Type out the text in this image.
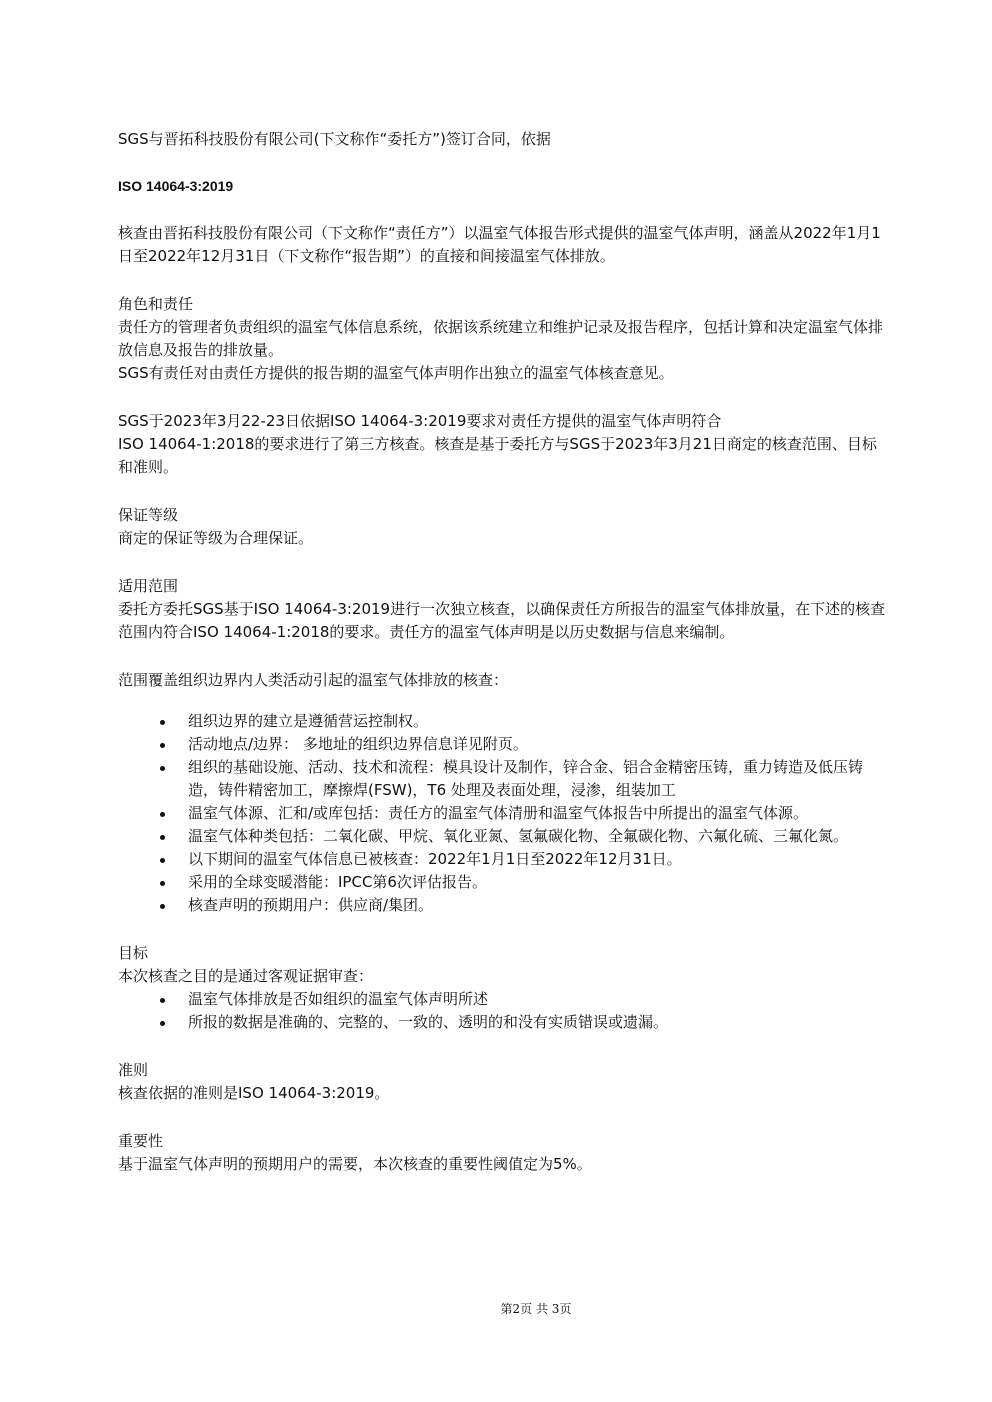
SGS与晋拓科技股份有限公司(下文称作“委托方”)签订合同，依据

ISO 14064-3:2019

核查由晋拓科技股份有限公司（下文称作“责任方”）以温室气体报告形式提供的温室气体声明，涵盖从2022年1月1日至2022年12月31日（下文称作“报告期”）的直接和间接温室气体排放。

角色和责任

责任方的管理者负责组织的温室气体信息系统，依据该系统建立和维护记录及报告程序，包括计算和决定温室气体排放信息及报告的排放量。

SGS有责任对由责任方提供的报告期的温室气体声明作出独立的温室气体核查意见。

SGS于2023年3月22-23日依据ISO 14064-3:2019要求对责任方提供的温室气体声明符合

ISO 14064-1:2018的要求进行了第三方核查。核查是基于委托方与SGS于2023年3月21日商定的核查范围、目标和准则。

保证等级

商定的保证等级为合理保证。

适用范围

委托方委托SGS基于ISO 14064-3:2019进行一次独立核查，以确保责任方所报告的温室气体排放量，在下述的核查范围内符合ISO 14064-1:2018的要求。责任方的温室气体声明是以历史数据与信息来编制。

范围覆盖组织边界内人类活动引起的温室气体排放的核查：

组织边界的建立是遵循营运控制权。
活动地点/边界： 多地址的组织边界信息详见附页。
组织的基础设施、活动、技术和流程：模具设计及制作，锌合金、铝合金精密压铸，重力铸造及低压铸造，铸件精密加工，摩擦焊(FSW)，T6 处理及表面处理，浸渗，组装加工
温室气体源、汇和/或库包括：责任方的温室气体清册和温室气体报告中所提出的温室气体源。
温室气体种类包括：二氧化碳、甲烷、氧化亚氮、氢氟碳化物、全氟碳化物、六氟化硫、三氟化氮。
以下期间的温室气体信息已被核查：2022年1月1日至2022年12月31日。
采用的全球变暖潜能：IPCC第6次评估报告。
核查声明的预期用户：供应商/集团。

目标

本次核查之目的是通过客观证据审查：

温室气体排放是否如组织的温室气体声明所述
所报的数据是准确的、完整的、一致的、透明的和没有实质错误或遗漏。

准则

核查依据的准则是ISO 14064-3:2019。

重要性

基于温室气体声明的预期用户的需要，本次核查的重要性阈值定为5%。

第2页 共 3页
